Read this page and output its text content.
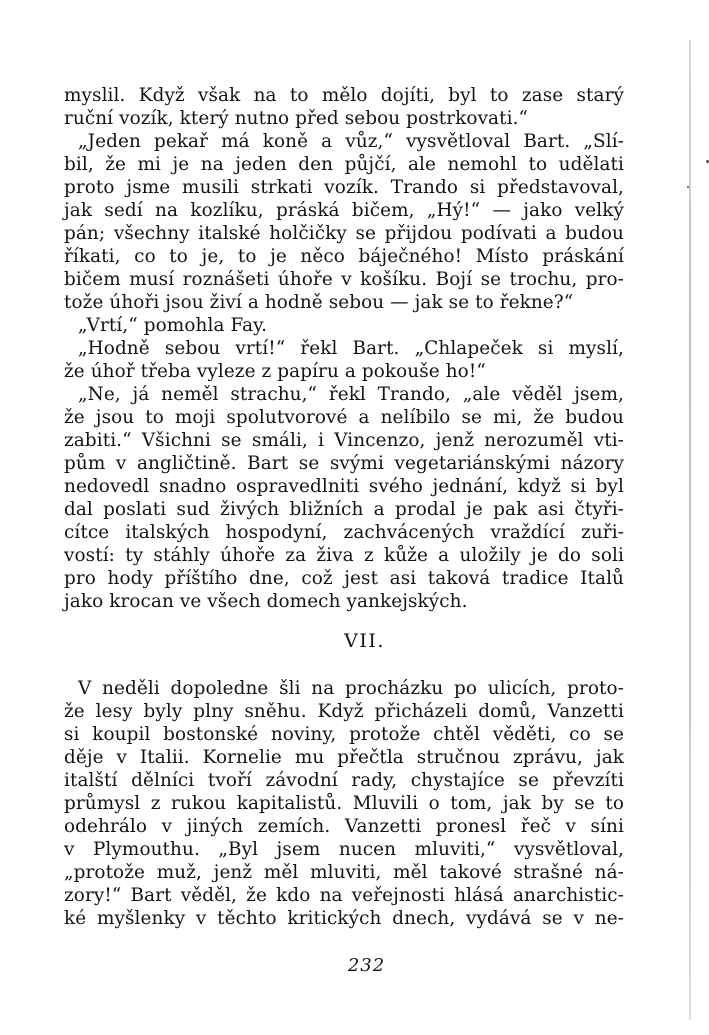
myslil. Když však na to mělo dojíti, byl to zase starý
ruční vozík, který nutno před sebou postrkovati.“
„Jeden pekař má koně a vůz,“ vysvětloval Bart. „Slí-
bil, že mi je na jeden den půjčí, ale nemohl to udělati
proto jsme musili strkati vozík. Trando si představoval,
jak sedí na kozlíku, práská bičem, „Hý!“ — jako velký
pán; všechny italské holčičky se přijdou podívati a budou
říkati, co to je, to je něco báječného! Místo práskání
bičem musí roznášeti úhoře v košíku. Bojí se trochu, pro-
tože úhoři jsou živí a hodně sebou — jak se to řekne?“
„Vrtí,“ pomohla Fay.
„Hodně sebou vrtí!“ řekl Bart. „Chlapeček si myslí,
že úhoř třeba vyleze z papíru a pokouše ho!“
„Ne, já neměl strachu,“ řekl Trando, „ale věděl jsem,
že jsou to moji spolutvorové a nelíbilo se mi, že budou
zabiti.“ Všichni se smáli, i Vincenzo, jenž nerozuměl vti-
pům v angličtině. Bart se svými vegetariánskými názory
nedovedl snadno ospravedlniti svého jednání, když si byl
dal poslati sud živých bližních a prodal je pak asi čtyři-
cítce italských hospodyní, zachvácených vraždící zuři-
vostí: ty stáhly úhoře za živa z kůže a uložily je do soli
pro hody příštího dne, což jest asi taková tradice Italů
jako krocan ve všech domech yankejských.
VII.
V neděli dopoledne šli na procházku po ulicích, proto-
že lesy byly plny sněhu. Když přicházeli domů, Vanzetti
si koupil bostonské noviny, protože chtěl věděti, co se
děje v Italii. Kornelie mu přečtla stručnou zprávu, jak
italští dělníci tvoří závodní rady, chystajíce se převzíti
průmysl z rukou kapitalistů. Mluvili o tom, jak by se to
odehrálo v jiných zemích. Vanzetti pronesl řeč v síni
v Plymouthu. „Byl jsem nucen mluviti,“ vysvětloval,
„protože muž, jenž měl mluviti, měl takové strašné ná-
zory!“ Bart věděl, že kdo na veřejnosti hlásá anarchistic-
ké myšlenky v těchto kritických dnech, vydává se v ne-
232
